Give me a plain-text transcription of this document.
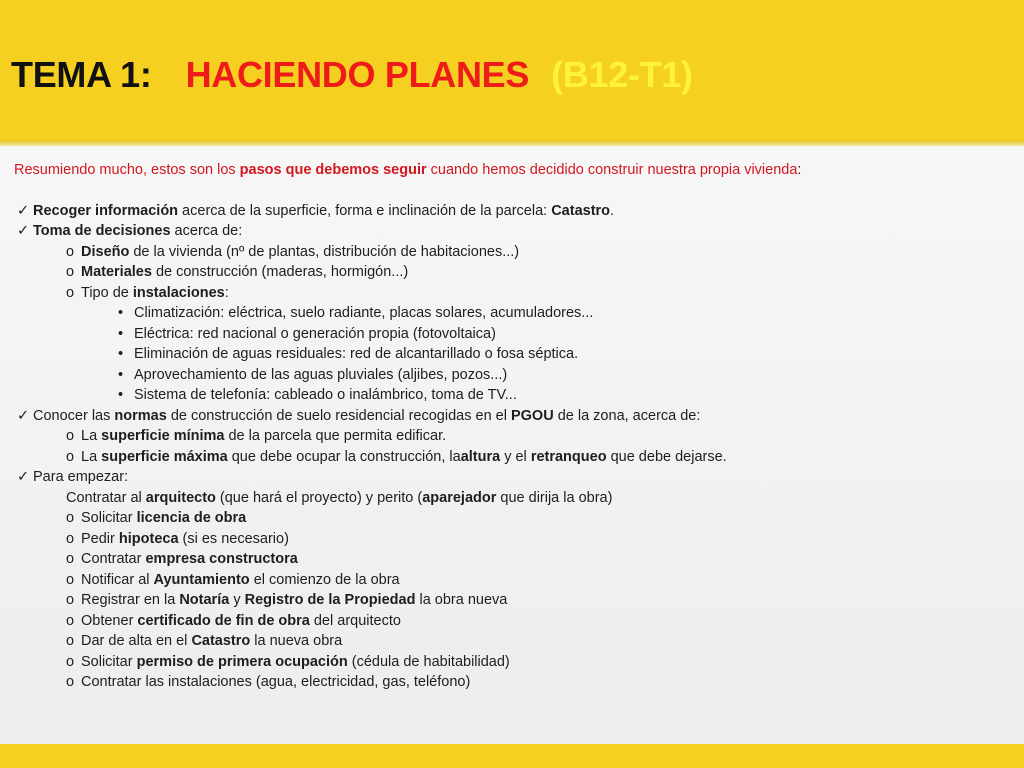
TEMA 1: HACIENDO PLANES (B12-T1)
Resumiendo mucho, estos son los pasos que debemos seguir cuando hemos decidido construir nuestra propia vivienda:
✓ Recoger información acerca de la superficie, forma e inclinación de la parcela: Catastro.
✓ Toma de decisiones acerca de:
o Diseño de la vivienda (nº de plantas, distribución de habitaciones...)
o Materiales de construcción (maderas, hormigón...)
o Tipo de instalaciones:
• Climatización: eléctrica, suelo radiante, placas solares, acumuladores...
• Eléctrica: red nacional o generación propia (fotovoltaica)
• Eliminación de aguas residuales: red de alcantarillado o fosa séptica.
• Aprovechamiento de las aguas pluviales (aljibes, pozos...)
• Sistema de telefonía: cableado o inalámbrico, toma de TV...
✓ Conocer las normas de construcción de suelo residencial recogidas en el PGOU de la zona, acerca de:
o La superficie mínima de la parcela que permita edificar.
o La superficie máxima que debe ocupar la construcción, laaltura y el retranqueo que debe dejarse.
✓ Para empezar:
Contratar al arquitecto (que hará el proyecto) y perito (aparejador que dirija la obra)
o Solicitar licencia de obra
o Pedir hipoteca (si es necesario)
o Contratar empresa constructora
o Notificar al Ayuntamiento el comienzo de la obra
o Registrar en la Notaría y Registro de la Propiedad la obra nueva
o Obtener certificado de fin de obra del arquitecto
o Dar de alta en el Catastro la nueva obra
o Solicitar permiso de primera ocupación (cédula de habitabilidad)
o Contratar las instalaciones (agua, electricidad, gas, teléfono)
